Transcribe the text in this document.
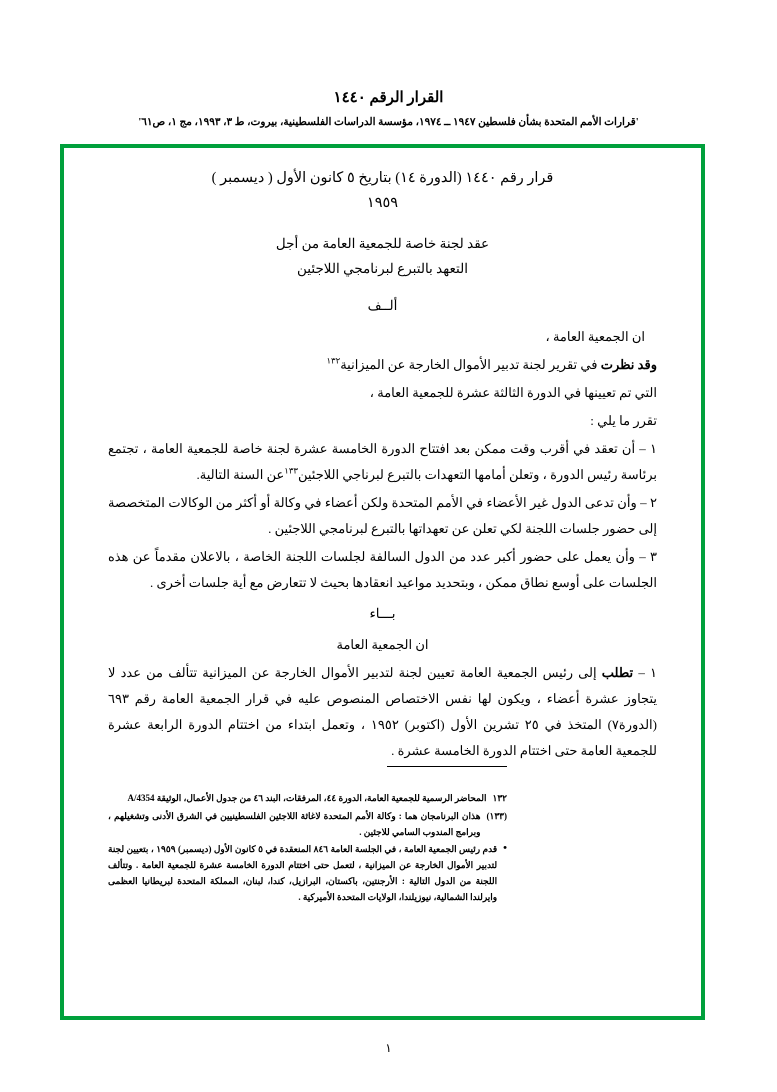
القرار الرقم ١٤٤٠
'قرارات الأمم المتحدة بشأن فلسطين ١٩٤٧ ــ ١٩٧٤، مؤسسة الدراسات الفلسطينية، بيروت، ط ٣، ١٩٩٣، مج ١، ص٦١'
قرار رقم ١٤٤٠ (الدورة ١٤) بتاريخ ٥ كانون الأول ( ديسمبر )
١٩٥٩
عقد لجنة خاصة للجمعية العامة من أجل
التعهد بالتبرع لبرنامجي اللاجئين
ألــف

ان الجمعية العامة ،

وقد نظرت في تقرير لجنة تدبير الأموال الخارجة عن الميزانية$^{١٣٢}$

التي تم تعيينها في الدورة الثالثة عشرة للجمعية العامة ،

تقرر ما يلي :

١ – أن تعقد في أقرب وقت ممكن بعد افتتاح الدورة الخامسة عشرة لجنة خاصة للجمعية العامة ، تجتمع برئاسة رئيس الدورة ، وتعلن أمامها التعهدات بالتبرع لبرناجي اللاجئين$^{١٣٣}$عن السنة التالية.

٢ – وأن تدعى الدول غير الأعضاء في الأمم المتحدة ولكن أعضاء في وكالة أو أكثر من الوكالات المتخصصة إلى حضور جلسات اللجنة لكي تعلن عن تعهداتها بالتبرع لبرنامجي اللاجئين .

٣ – وأن يعمل على حضور أكبر عدد من الدول السالفة لجلسات اللجنة الخاصة ، بالاعلان مقدماً عن هذه الجلسات على أوسع نطاق ممكن ، وبتحديد مواعيد انعقادها بحيث لا تتعارض مع أية جلسات أخرى .

بـــاء

ان الجمعية العامة

١ – تطلب إلى رئيس الجمعية العامة تعيين لجنة لتدبير الأموال الخارجة عن الميزانية تتألف من عدد لا يتجاوز عشرة أعضاء ، ويكون لها نفس الاختصاص المنصوص عليه في قرار الجمعية العامة رقم ٦٩٣ (الدورة٧) المتخذ في ٢٥ تشرين الأول (اكتوبر) ١٩٥٢ ، وتعمل ابتداء من اختتام الدورة الرابعة عشرة للجمعية العامة حتى اختتام الدورة الخامسة عشرة .

١٣٢
المحاضر الرسمية للجمعية العامة، الدورة ٤٤، المرفقات، البند ٤٦ من جدول الأعمال، الوثيقة A/4354
(١٣٣)
هذان البرنامجان هما : وكالة الأمم المتحدة لاغاثة اللاجئين الفلسطينيين في الشرق الأدنى وتشغيلهم ، وبرامج المندوب السامي للاجئين .
•
قدم رئيس الجمعية العامة ، في الجلسة العامة ٨٤٦ المنعقدة في ٥ كانون الأول (ديسمبر) ١٩٥٩ ، بتعيين لجنة لتدبير الأموال الخارجة عن الميزانية ، لتعمل حتى اختتام الدورة الخامسة عشرة للجمعية العامة . وتتألف اللجنة من الدول التالية : الأرجنتين، باكستان، البرازيل، كندا، لبنان، المملكة المتحدة لبريطانيا العظمى وايرلندا الشمالية، نيوزيلندا، الولايات المتحدة الأميركية .
١
